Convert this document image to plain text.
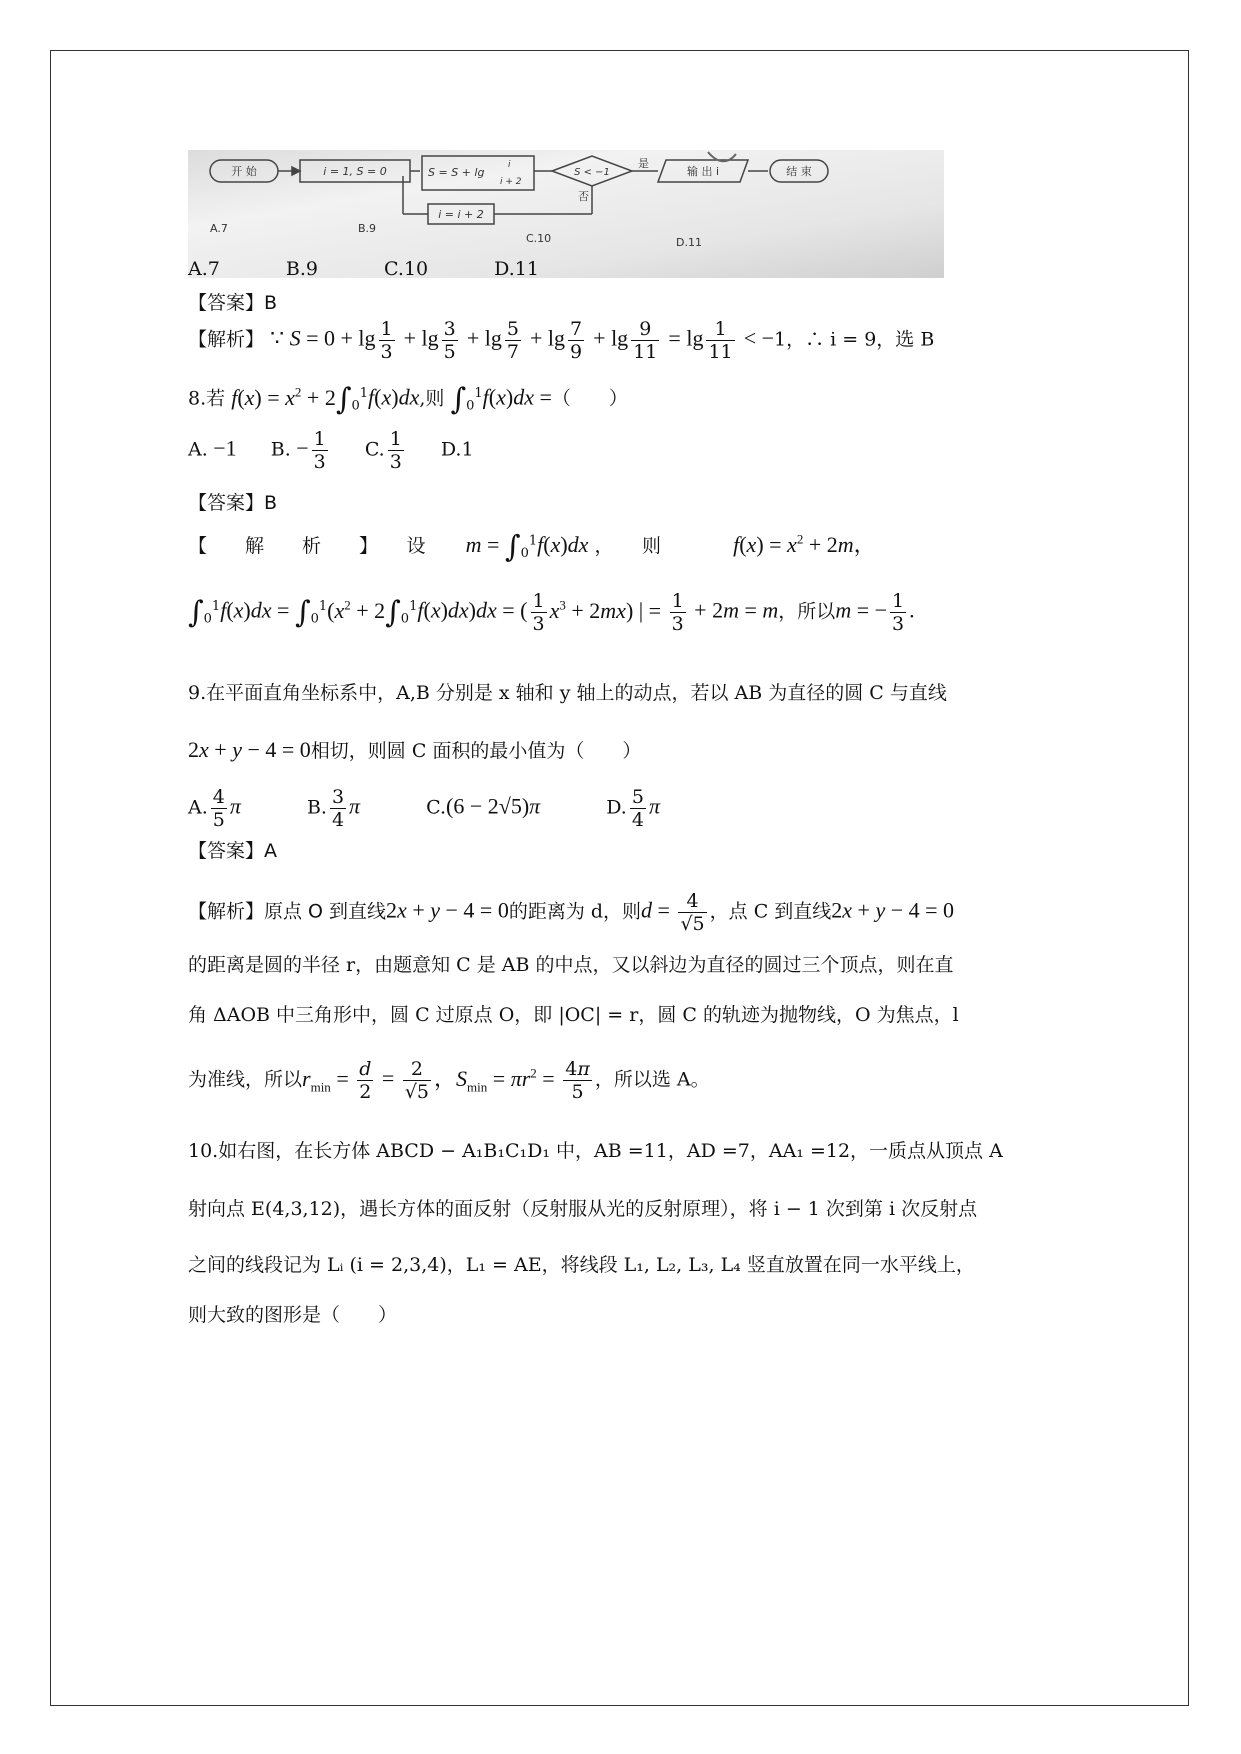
开 始	i = 1, S = 0	S = S + lg
i
i + 2
S < −1
是
否
输 出 i	结 束
i = i + 2
A.7	B.9
C.10	D.11
A.7	B.9	C.10	D.11
【答案】B
【解析】 ∵ $S = 0 + \lg \frac{1}{3} + \lg \frac{3}{5} + \lg \frac{5}{7} + \lg \frac{7}{9} + \lg \frac{9}{11} = \lg \frac{1}{11} < -1$，∴ i = 9，选 B
8.若 $f(x) = x^2 + 2\int_0^1f(x)dx$,则 $\int_0^1f(x)dx$ =（　　）
A. −1 B. − $\frac{1}{3} C$. $\frac{1}{3} D.1$
【答案】B
【　　解　　析　　】　　设 $m = \int_0^1f(x)dx$ ，　　则	$f(x) = x^2 + 2m$，
$\int_0^1f(x)dx = \int_0^1(x^2 + 2\int_0^1f(x)dx)dx$ = ( $\frac{1}{3} x^3 + 2mx$) | = $\frac{1}{3} + 2m = m$，所以m = − $\frac{1}{3}$ .
9.在平面直角坐标系中，A,B 分别是 x 轴和 y 轴上的动点，若以 AB 为直径的圆 C 与直线
2x + y − 4 = 0相切，则圆 C 面积的最小值为（　　）
A. $\frac{4}{5}$ π	B. $\frac{3}{4}$ π	C.(6 − 2√5)π	D. $\frac{5}{4}$ π
【答案】A
【解析】原点 O 到直线2x + y − 4 = 0的距离为 d，则$d = \frac{4}{√5}$ ，点 C 到直线2x + y − 4 = 0
的距离是圆的半径 r，由题意知 C 是 AB 的中点，又以斜边为直径的圆过三个顶点，则在直
角 ΔAOB 中三角形中，圆 C 过原点 O，即 |OC| = r，圆 C 的轨迹为抛物线，O 为焦点，l
为准线，所以$r_{min} = \frac{d}{2} = \frac{2}{√5}$ ，$S_{min} = \pi r^2 = \frac{4\pi}{5}$ ，所以选 A。
10.如右图，在长方体 ABCD − A₁B₁C₁D₁ 中，AB =11，AD =7，AA₁ =12，一质点从顶点 A
射向点 E(4,3,12)，遇长方体的面反射（反射服从光的反射原理），将 i − 1 次到第 i 次反射点
之间的线段记为 Lᵢ (i = 2,3,4)，L₁ = AE，将线段 L₁, L₂, L₃, L₄ 竖直放置在同一水平线上，
则大致的图形是（　　）
